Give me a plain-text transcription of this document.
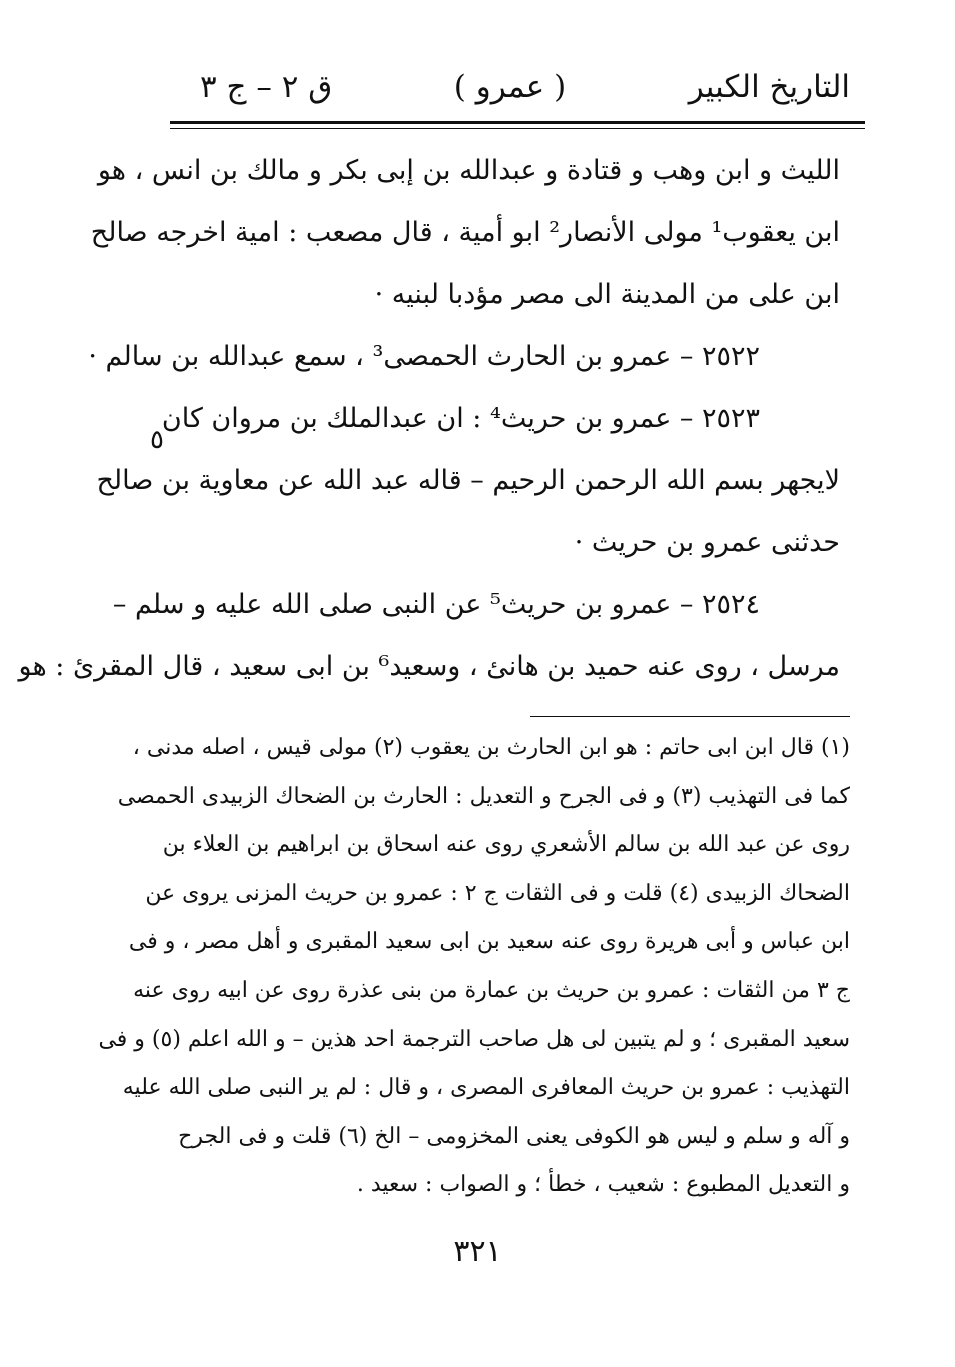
التاريخ الكبير
( عمرو )
ق ٢ – ج ٣
٥
الليث و ابن وهب و قتادة و عبدالله بن إبى بكر و مالك بن انس ، هو
ابن يعقوب¹ مولى الأنصار² ابو أمية ، قال مصعب : امية اخرجه صالح
ابن على من المدينة الى مصر مؤدبا لبنيه ·
٢٥٢٢ – عمرو بن الحارث الحمصى³ ، سمع عبدالله بن سالم ·
٢٥٢٣ – عمرو بن حريث⁴ : ان عبدالملك بن مروان كان
لايجهر بسم الله الرحمن الرحيم – قاله عبد الله عن معاوية بن صالح
حدثنى عمرو بن حريث ·
٢٥٢٤ – عمرو بن حريث⁵ عن النبى صلى الله عليه و سلم –
مرسل ، روى عنه حميد بن هانئ ، وسعيد⁶ بن ابى سعيد ، قال المقرئ : هو
(١) قال ابن ابى حاتم : هو ابن الحارث بن يعقوب (٢) مولى قيس ، اصله مدنى ،
كما فى التهذيب (٣) و فى الجرح و التعديل : الحارث بن الضحاك الزبيدى الحمصى
روى عن عبد الله بن سالم الأشعري روى عنه اسحاق بن ابراهيم بن العلاء بن
الضحاك الزبيدى (٤) قلت و فى الثقات ج ٢ : عمرو بن حريث المزنى يروى عن
ابن عباس و أبى هريرة روى عنه سعيد بن ابى سعيد المقبرى و أهل مصر ، و فى
ج ٣ من الثقات : عمرو بن حريث بن عمارة من بنى عذرة روى عن ابيه روى عنه
سعيد المقبرى ؛ و لم يتبين لى هل صاحب الترجمة احد هذين – و الله اعلم (٥) و فى
التهذيب : عمرو بن حريث المعافرى المصرى ، و قال : لم ير النبى صلى الله عليه
و آله و سلم و ليس هو الكوفى يعنى المخزومى – الخ (٦) قلت و فى الجرح
و التعديل المطبوع : شعيب ، خطأ ؛ و الصواب : سعيد .
٣٢١
